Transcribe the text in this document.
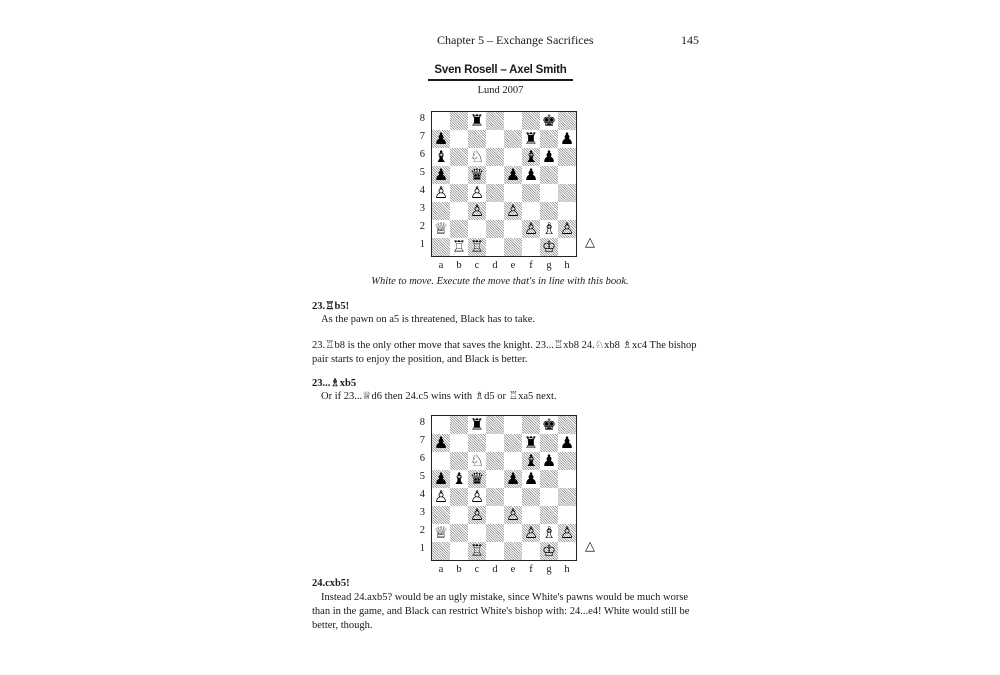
Chapter 5 – Exchange Sacrifices	145
Sven Rosell – Axel Smith
Lund 2007
♜	♚
♟	♜ ♟
♝ ♘ ♝ ♟
♟ ♛ ♟ ♟
♙ ♙
♙ ♙
♕	♙ ♗ ♙
♖ ♖	♔
8
7
6
5
4
3
2
1
a	b	c	d	e	f	g	h
△
White to move. Execute the move that's in line with this book.
23.♖b5!
As the pawn on a5 is threatened, Black has to take.
23.♖b8 is the only other move that saves the knight. 23...♖xb8 24.♘xb8 ♗xc4 The bishop pair starts to enjoy the position, and Black is better.
23...♗xb5
Or if 23...♕d6 then 24.c5 wins with ♗d5 or ♖xa5 next.
♜	♚
♟	♜ ♟
♘ ♝ ♟
♟ ♝ ♛ ♟ ♟
♙ ♙
♙ ♙
♕	♙ ♗ ♙
♖	♔
8
7
6
5
4
3
2
1
a	b	c	d	e	f	g	h
△
24.cxb5!
Instead 24.axb5? would be an ugly mistake, since White's pawns would be much worse than in the game, and Black can restrict White's bishop with: 24...e4! White would still be better, though.
